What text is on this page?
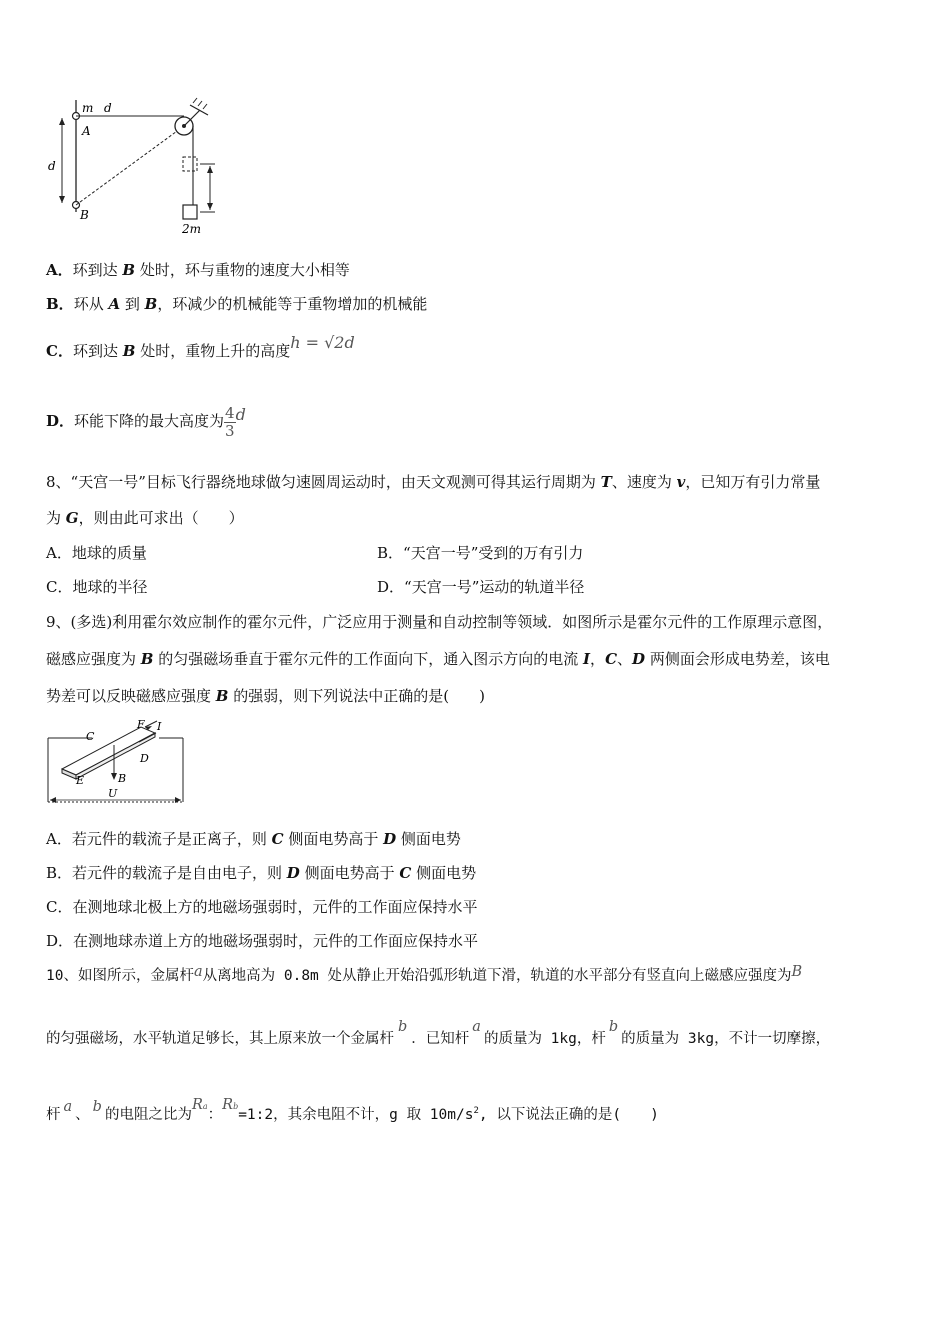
m d
A
d
B
2m
A．环到达 B 处时，环与重物的速度大小相等
B．环从 A 到 B，环减少的机械能等于重物增加的机械能
C．环到达 B 处时，重物上升的高度h = √2d
D．环能下降的最大高度为 $\frac{4}{3}$ d
8、“天宫一号”目标飞行器绕地球做匀速圆周运动时，由天文观测可得其运行周期为 T、速度为 v，已知万有引力常量
为 G，则由此可求出（　　）
A．地球的质量	B．“天宫一号”受到的万有引力
C．地球的半径	D．“天宫一号”运动的轨道半径
9、(多选)利用霍尔效应制作的霍尔元件，广泛应用于测量和自动控制等领域．如图所示是霍尔元件的工作原理示意图，
磁感应强度为 B 的匀强磁场垂直于霍尔元件的工作面向下，通入图示方向的电流 I，C、D 两侧面会形成电势差，该电
势差可以反映磁感应强度 B 的强弱，则下列说法中正确的是(　　)
C
F I
D
E	B
U
A．若元件的载流子是正离子，则 C 侧面电势高于 D 侧面电势
B．若元件的载流子是自由电子，则 D 侧面电势高于 C 侧面电势
C．在测地球北极上方的地磁场强弱时，元件的工作面应保持水平
D．在测地球赤道上方的地磁场强弱时，元件的工作面应保持水平
10、如图所示，金属杆a从离地高为 0.8m 处从静止开始沿弧形轨道下滑，轨道的水平部分有竖直向上磁感应强度为B
的匀强磁场，水平轨道足够长，其上原来放一个金属杆b．已知杆a的质量为 1kg，杆b的质量为 3kg，不计一切摩擦，
杆 a 、 b 的电阻之比为Ra：Rb=1:2，其余电阻不计，g 取 $10m/s^2$, 以下说法正确的是(　　)
